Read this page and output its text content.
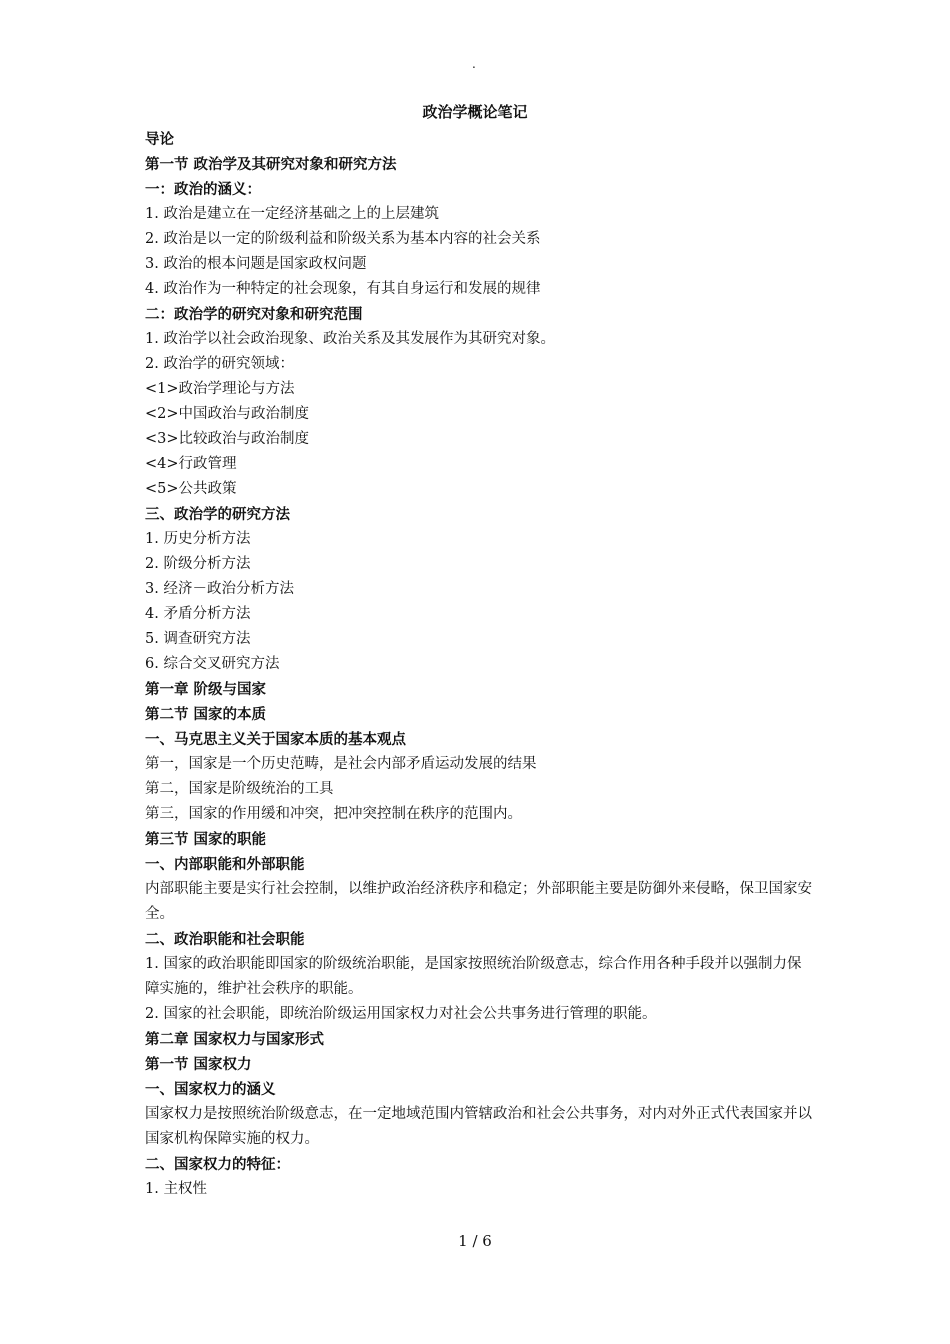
.
政治学概论笔记
导论
第一节 政治学及其研究对象和研究方法
一：政治的涵义：
1. 政治是建立在一定经济基础之上的上层建筑
2. 政治是以一定的阶级利益和阶级关系为基本内容的社会关系
3. 政治的根本问题是国家政权问题
4. 政治作为一种特定的社会现象，有其自身运行和发展的规律
二：政治学的研究对象和研究范围
1. 政治学以社会政治现象、政治关系及其发展作为其研究对象。
2. 政治学的研究领域：
<1>政治学理论与方法
<2>中国政治与政治制度
<3>比较政治与政治制度
<4>行政管理
<5>公共政策
三、政治学的研究方法
1. 历史分析方法
2. 阶级分析方法
3. 经济－政治分析方法
4. 矛盾分析方法
5. 调查研究方法
6. 综合交叉研究方法
第一章 阶级与国家
第二节 国家的本质
一、马克思主义关于国家本质的基本观点
第一，国家是一个历史范畴，是社会内部矛盾运动发展的结果
第二，国家是阶级统治的工具
第三，国家的作用缓和冲突，把冲突控制在秩序的范围内。
第三节 国家的职能
一、内部职能和外部职能
内部职能主要是实行社会控制，以维护政治经济秩序和稳定；外部职能主要是防御外来侵略，保卫国家安全。
二、政治职能和社会职能
1. 国家的政治职能即国家的阶级统治职能，是国家按照统治阶级意志，综合作用各种手段并以强制力保障实施的，维护社会秩序的职能。
2. 国家的社会职能，即统治阶级运用国家权力对社会公共事务进行管理的职能。
第二章 国家权力与国家形式
第一节 国家权力
一、国家权力的涵义
国家权力是按照统治阶级意志，在一定地域范围内管辖政治和社会公共事务，对内对外正式代表国家并以国家机构保障实施的权力。
二、国家权力的特征：
1. 主权性
1 / 6
